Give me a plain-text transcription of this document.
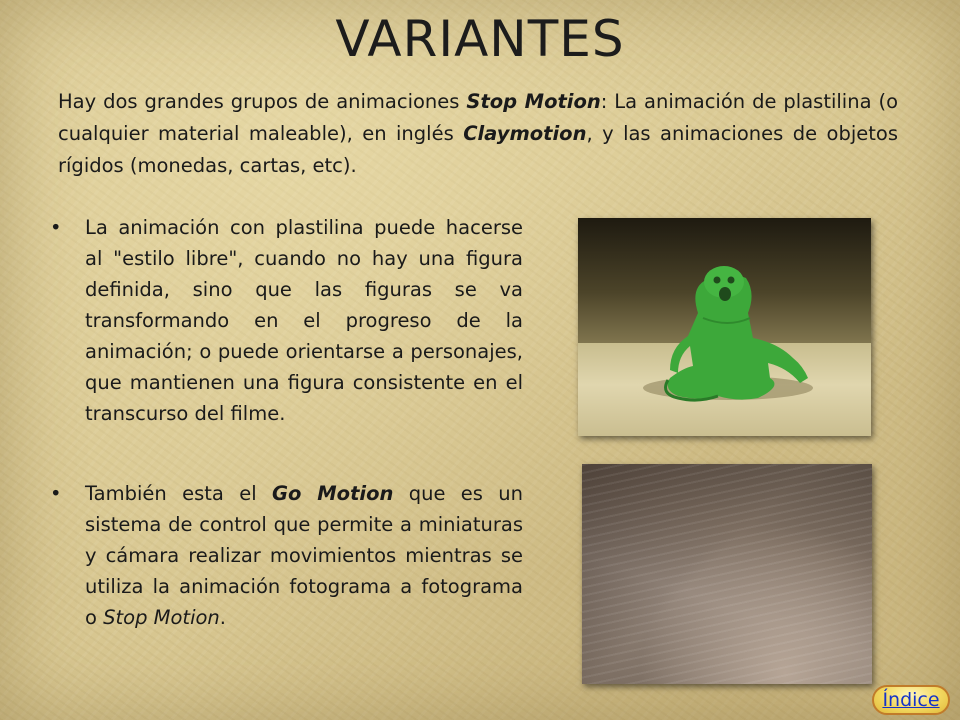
VARIANTES
Hay dos grandes grupos de animaciones Stop Motion: La animación de plastilina (o cualquier material maleable), en inglés Claymotion, y las animaciones de objetos rígidos (monedas, cartas, etc).
•	La animación con plastilina puede hacerse al "estilo libre", cuando no hay una figura definida, sino que las figuras se va transformando en el progreso de la animación; o puede orientarse a personajes, que mantienen una figura consistente en el transcurso del filme.
•	También esta el Go Motion que es un sistema de control que permite a miniaturas y cámara realizar movimientos mientras se utiliza la animación fotograma a fotograma o Stop Motion.
Índice
